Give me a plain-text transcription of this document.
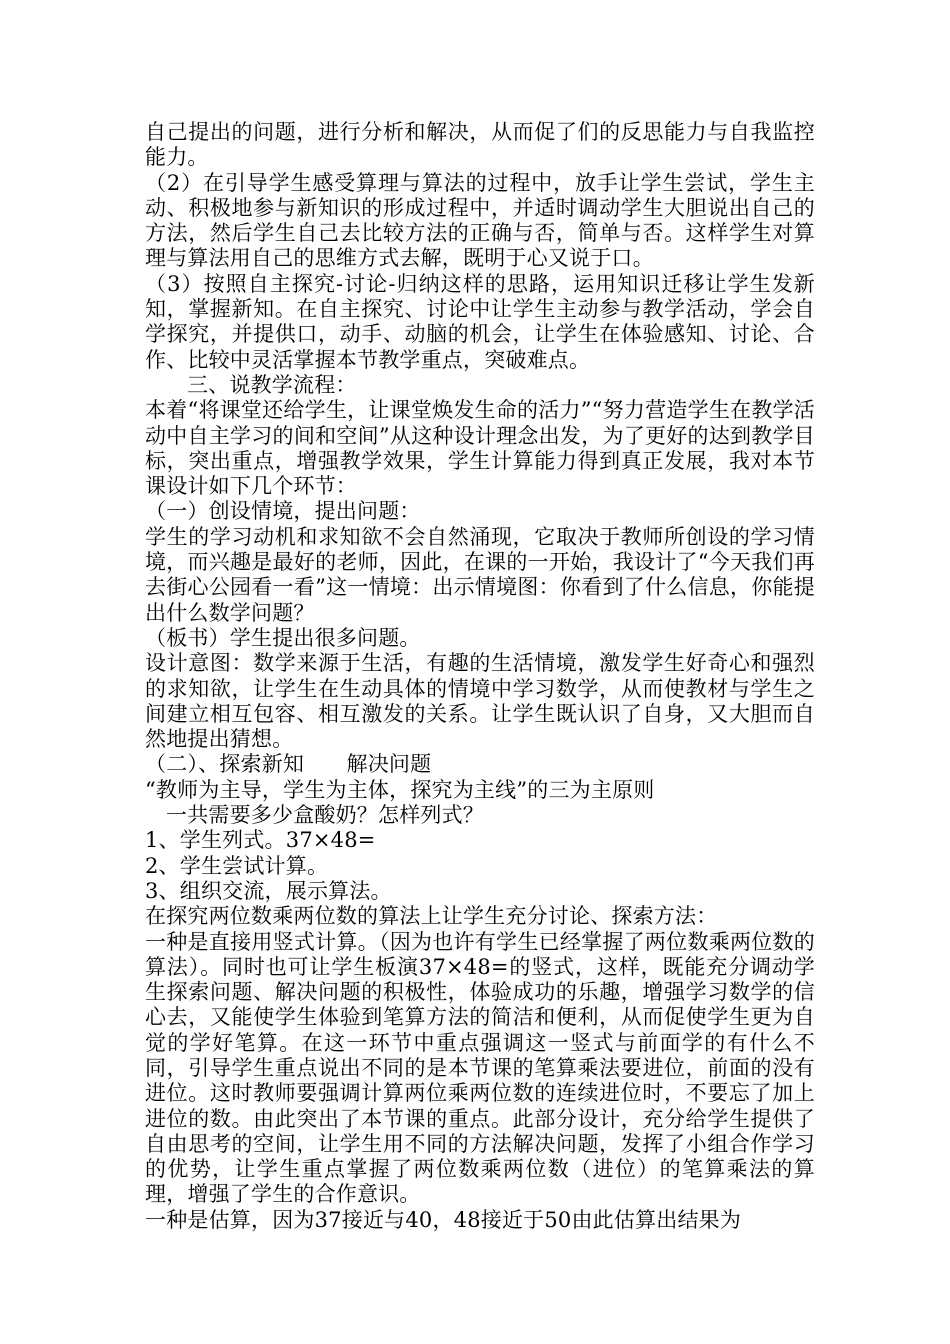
自己提出的问题，进行分析和解决，从而促了们的反思能力与自我监控能力。

（2）在引导学生感受算理与算法的过程中，放手让学生尝试，学生主动、积极地参与新知识的形成过程中，并适时调动学生大胆说出自己的方法，然后学生自己去比较方法的正确与否，简单与否。这样学生对算理与算法用自己的思维方式去解，既明于心又说于口。

（3）按照自主探究-讨论-归纳这样的思路，运用知识迁移让学生发新知，掌握新知。在自主探究、讨论中让学生主动参与教学活动，学会自学探究，并提供口，动手、动脑的机会，让学生在体验感知、讨论、合作、比较中灵活掌握本节教学重点，突破难点。

三、说教学流程：

本着“将课堂还给学生，让课堂焕发生命的活力”“努力营造学生在教学活动中自主学习的间和空间”从这种设计理念出发，为了更好的达到教学目标，突出重点，增强教学效果，学生计算能力得到真正发展，我对本节课设计如下几个环节：

（一）创设情境，提出问题：

学生的学习动机和求知欲不会自然涌现，它取决于教师所创设的学习情境，而兴趣是最好的老师，因此，在课的一开始，我设计了“今天我们再去街心公园看一看”这一情境：出示情境图：你看到了什么信息，你能提出什么数学问题？

（板书）学生提出很多问题。

设计意图：数学来源于生活，有趣的生活情境，激发学生好奇心和强烈的求知欲，让学生在生动具体的情境中学习数学，从而使教材与学生之间建立相互包容、相互激发的关系。让学生既认识了自身，又大胆而自然地提出猜想。

（二）、探索新知　　解决问题

“教师为主导，学生为主体，探究为主线”的三为主原则

一共需要多少盒酸奶？怎样列式？

1、学生列式。37×48=

2、学生尝试计算。

3、组织交流，展示算法。

在探究两位数乘两位数的算法上让学生充分讨论、探索方法：

一种是直接用竖式计算。（因为也许有学生已经掌握了两位数乘两位数的算法）。同时也可让学生板演37×48=的竖式，这样，既能充分调动学生探索问题、解决问题的积极性，体验成功的乐趣，增强学习数学的信心去，又能使学生体验到笔算方法的简洁和便利，从而促使学生更为自觉的学好笔算。在这一环节中重点强调这一竖式与前面学的有什么不同，引导学生重点说出不同的是本节课的笔算乘法要进位，前面的没有进位。这时教师要强调计算两位乘两位数的连续进位时，不要忘了加上进位的数。由此突出了本节课的重点。此部分设计，充分给学生提供了自由思考的空间，让学生用不同的方法解决问题，发挥了小组合作学习的优势，让学生重点掌握了两位数乘两位数（进位）的笔算乘法的算理，增强了学生的合作意识。

一种是估算，因为37接近与40，48接近于50由此估算出结果为
